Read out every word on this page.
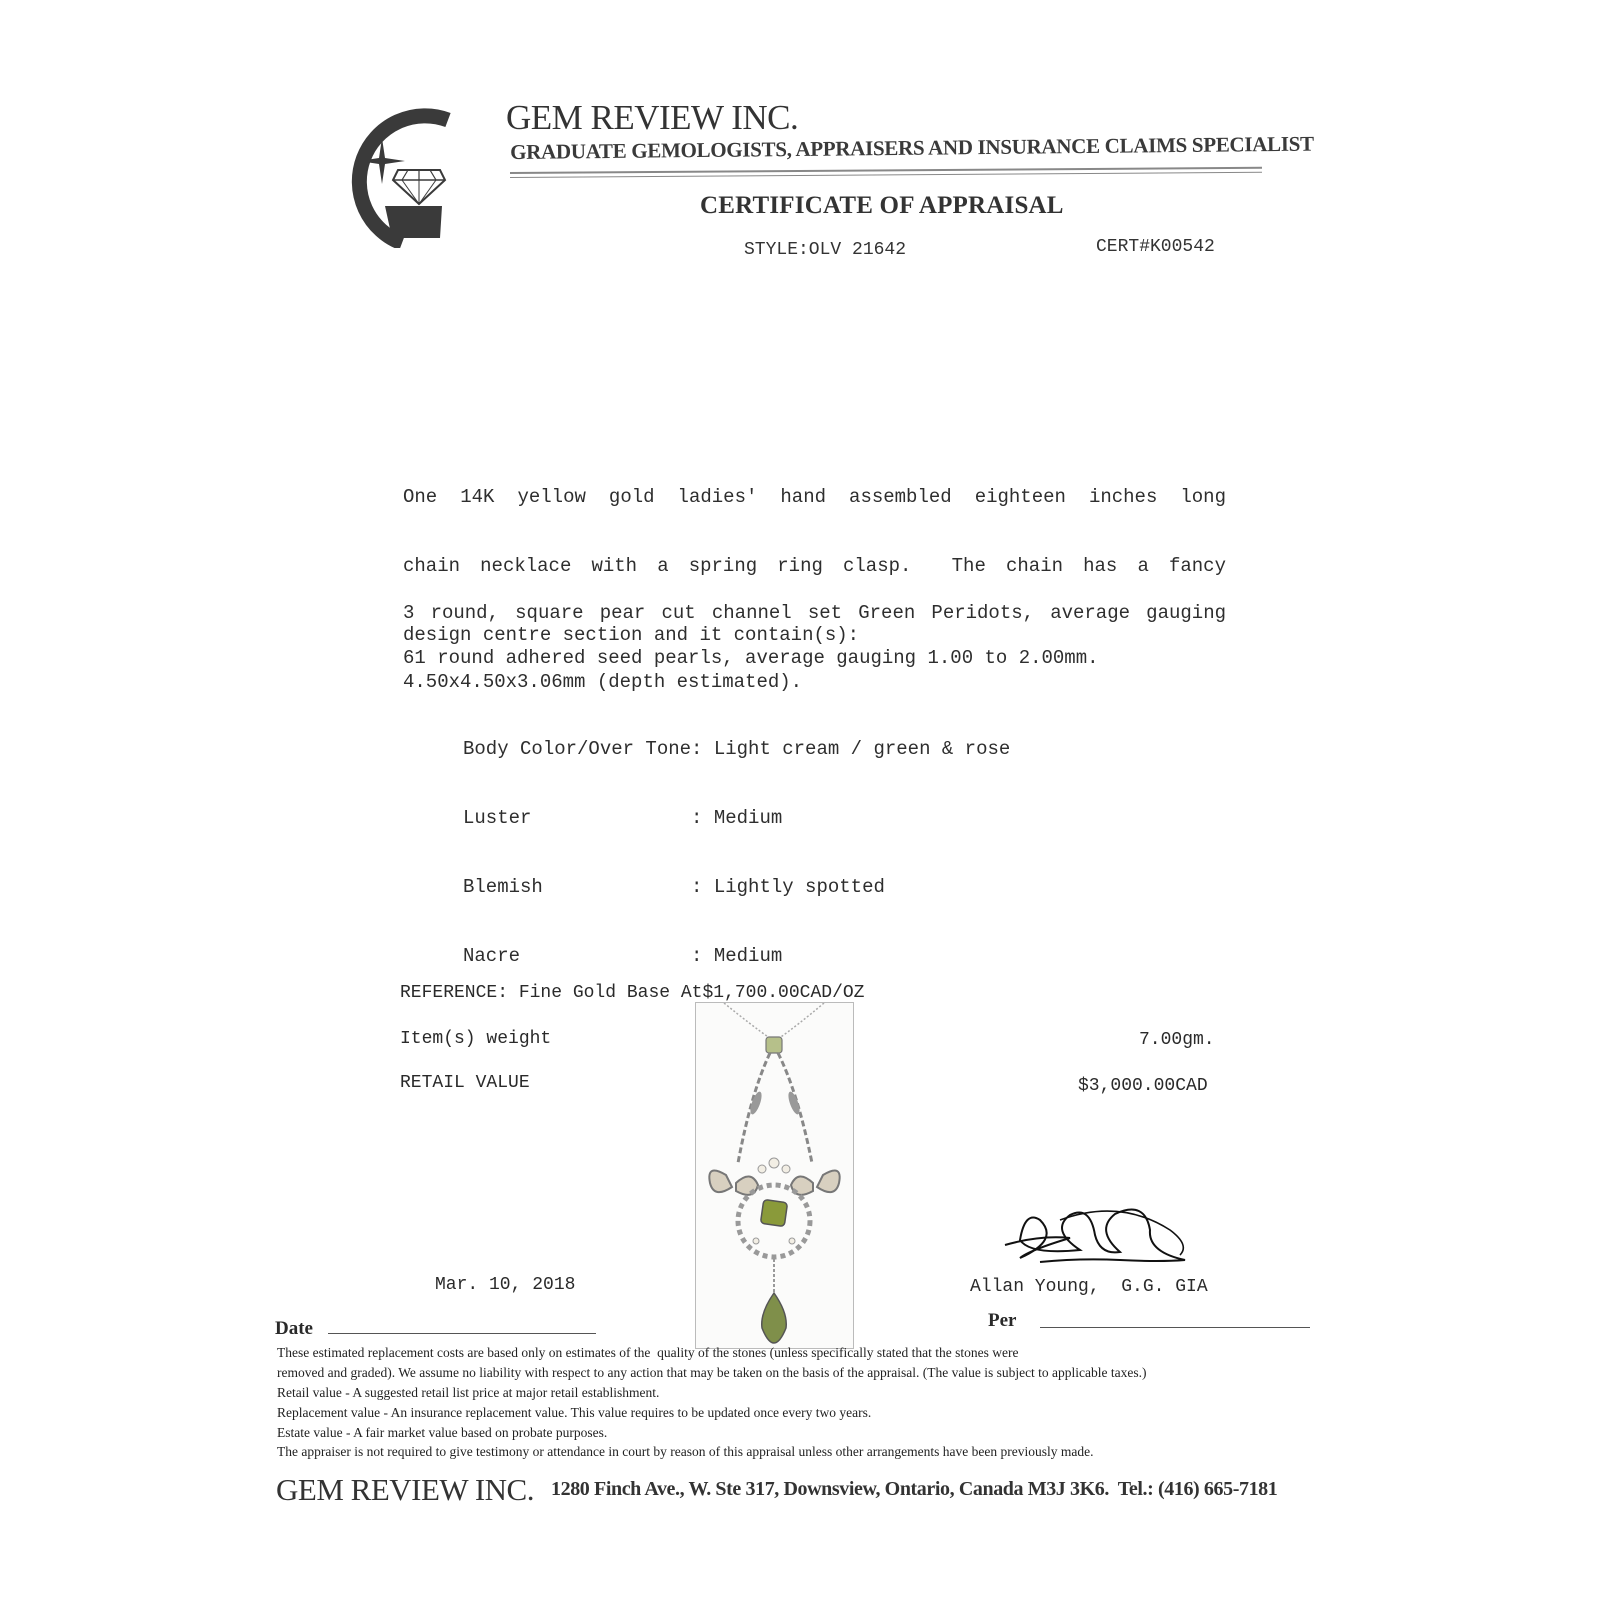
GEM REVIEW INC.
GRADUATE GEMOLOGISTS, APPRAISERS AND INSURANCE CLAIMS SPECIALIST
CERTIFICATE OF APPRAISAL
STYLE:OLV 21642	CERT#K00542

One 14K yellow gold ladies' hand assembled eighteen inches long

chain necklace with a spring ring clasp.  The chain has a fancy

design centre section and it contain(s):

3 round, square pear cut channel set Green Peridots, average gauging

4.50x4.50x3.06mm (depth estimated).

61 round adhered seed pearls, average gauging 1.00 to 2.00mm.

Body Color/Over Tone: Light cream / green & rose

Luster              : Medium

Blemish             : Lightly spotted

Nacre               : Medium

REFERENCE: Fine Gold Base At$1,700.00CAD/OZ
Item(s) weight	7.00gm.
RETAIL VALUE	$3,000.00CAD
Mar. 10, 2018
Date
Allan Young,  G.G. GIA
Per
These estimated replacement costs are based only on estimates of the  quality of the stones (unless specifically stated that the stones were
removed and graded). We assume no liability with respect to any action that may be taken on the basis of the appraisal. (The value is subject to applicable taxes.)
Retail value - A suggested retail list price at major retail establishment.
Replacement value - An insurance replacement value. This value requires to be updated once every two years.
Estate value - A fair market value based on probate purposes.
The appraiser is not required to give testimony or attendance in court by reason of this appraisal unless other arrangements have been previously made.
GEM REVIEW INC. 1280 Finch Ave., W. Ste 317, Downsview, Ontario, Canada M3J 3K6.  Tel.: (416) 665-7181
